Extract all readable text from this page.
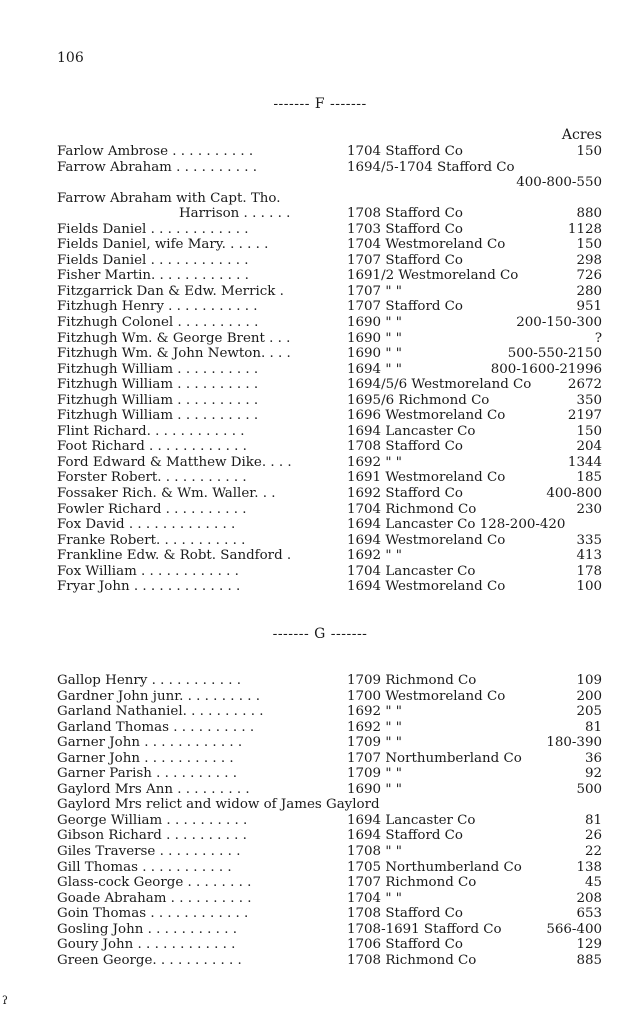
106
------- F -------
Acres
Farlow Ambrose . . . . . . . . . .	1704 Stafford Co	150
Farrow Abraham . . . . . . . . . .	1694/5-1704 Stafford Co
400-800-550
Farrow Abraham with Capt. Tho.
Harrison . . . . . .	1708 Stafford Co	880
Fields Daniel . . . . . . . . . . . .	1703 Stafford Co	1128
Fields Daniel, wife Mary. . . . . .	1704 Westmoreland Co	150
Fields Daniel . . . . . . . . . . . .	1707 Stafford Co	298
Fisher Martin. . . . . . . . . . . .	1691/2 Westmoreland Co	726
Fitzgarrick Dan & Edw. Merrick .	1707 " "	280
Fitzhugh Henry . . . . . . . . . . .	1707 Stafford Co	951
Fitzhugh Colonel . . . . . . . . . .	1690 " "	200-150-300
Fitzhugh Wm. & George Brent . . .	1690 " "	?
Fitzhugh Wm. & John Newton. . . .	1690 " "	500-550-2150
Fitzhugh William . . . . . . . . . .	1694 " "	800-1600-21996
Fitzhugh William . . . . . . . . . .	1694/5/6 Westmoreland Co	2672
Fitzhugh William . . . . . . . . . .	1695/6 Richmond Co	350
Fitzhugh William . . . . . . . . . .	1696 Westmoreland Co	2197
Flint Richard. . . . . . . . . . . .	1694 Lancaster Co	150
Foot Richard . . . . . . . . . . . .	1708 Stafford Co	204
Ford Edward & Matthew Dike. . . .	1692 " "	1344
Forster Robert. . . . . . . . . . .	1691 Westmoreland Co	185
Fossaker Rich. & Wm. Waller. . .	1692 Stafford Co	400-800
Fowler Richard . . . . . . . . . .	1704 Richmond Co	230
Fox David . . . . . . . . . . . . .	1694 Lancaster Co 128-200-420
Franke Robert. . . . . . . . . . .	1694 Westmoreland Co	335
Frankline Edw. & Robt. Sandford .	1692 " "	413
Fox William . . . . . . . . . . . .	1704 Lancaster Co	178
Fryar John . . . . . . . . . . . . .	1694 Westmoreland Co	100
------- G -------
Gallop Henry . . . . . . . . . . .	1709 Richmond Co	109
Gardner John junr. . . . . . . . . .	1700 Westmoreland Co	200
Garland Nathaniel. . . . . . . . . .	1692 " "	205
Garland Thomas . . . . . . . . . .	1692 " "	81
Garner John . . . . . . . . . . . .	1709 " "	180-390
Garner John . . . . . . . . . . .	1707 Northumberland Co	36
Garner Parish . . . . . . . . . .	1709 " "	92
Gaylord Mrs Ann . . . . . . . . .	1690 " "	500
Gaylord Mrs relict and widow of James Gaylord
George William . . . . . . . . . .	1694 Lancaster Co	81
Gibson Richard . . . . . . . . . .	1694 Stafford Co	26
Giles Traverse . . . . . . . . . .	1708 " "	22
Gill Thomas . . . . . . . . . . .	1705 Northumberland Co	138
Glass-cock George . . . . . . . .	1707 Richmond Co	45
Goade Abraham . . . . . . . . . .	1704 " "	208
Goin Thomas . . . . . . . . . . . .	1708 Stafford Co	653
Gosling John . . . . . . . . . . .	1708-1691 Stafford Co	566-400
Goury John . . . . . . . . . . . .	1706 Stafford Co	129
Green George. . . . . . . . . . .	1708 Richmond Co	885
ʔ
